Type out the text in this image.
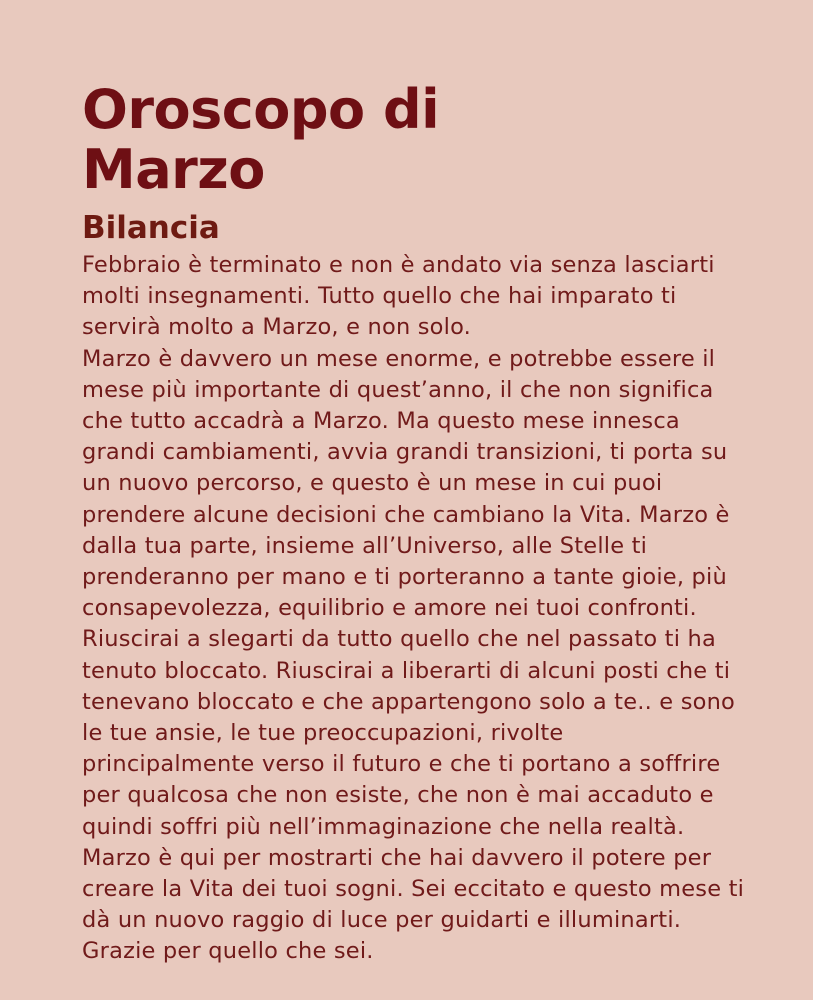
Oroscopo di
Marzo
Bilancia
Febbraio è terminato e non è andato via senza lasciarti
molti insegnamenti. Tutto quello che hai imparato ti
servirà molto a Marzo, e non solo.
Marzo è davvero un mese enorme, e potrebbe essere il
mese più importante di quest’anno, il che non significa
che tutto accadrà a Marzo. Ma questo mese innesca
grandi cambiamenti, avvia grandi transizioni, ti porta su
un nuovo percorso, e questo è un mese in cui puoi
prendere alcune decisioni che cambiano la Vita. Marzo è
dalla tua parte, insieme all’Universo, alle Stelle ti
prenderanno per mano e ti porteranno a tante gioie, più
consapevolezza, equilibrio e amore nei tuoi confronti.
Riuscirai a slegarti da tutto quello che nel passato ti ha
tenuto bloccato. Riuscirai a liberarti di alcuni posti che ti
tenevano bloccato e che appartengono solo a te.. e sono
le tue ansie, le tue preoccupazioni, rivolte
principalmente verso il futuro e che ti portano a soffrire
per qualcosa che non esiste, che non è mai accaduto e
quindi soffri più nell’immaginazione che nella realtà.
Marzo è qui per mostrarti che hai davvero il potere per
creare la Vita dei tuoi sogni. Sei eccitato e questo mese ti
dà un nuovo raggio di luce per guidarti e illuminarti.
Grazie per quello che sei.
